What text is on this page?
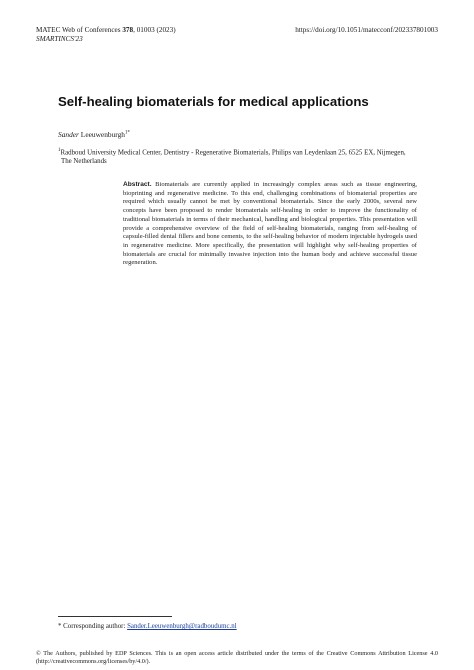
MATEC Web of Conferences 378, 01003 (2023)
SMARTINCS'23
https://doi.org/10.1051/matecconf/202337801003
Self-healing biomaterials for medical applications
Sander Leeuwenburgh$^{1*}$
$^1$Radboud University Medical Center, Dentistry - Regenerative Biomaterials, Philips van Leydenlaan 25, 6525 EX, Nijmegen,
The Netherlands
Abstract. Biomaterials are currently applied in increasingly complex areas such as tissue engineering, bioprinting and regenerative medicine. To this end, challenging combinations of biomaterial properties are required which usually cannot be met by conventional biomaterials. Since the early 2000s, several new concepts have been proposed to render biomaterials self-healing in order to improve the functionality of traditional biomaterials in terms of their mechanical, handling and biological properties. This presentation will provide a comprehensive overview of the field of self-healing biomaterials, ranging from self-healing of capsule-filled dental fillers and bone cements, to the self-healing behavior of modern injectable hydrogels used in regenerative medicine. More specifically, the presentation will highlight why self-healing properties of biomaterials are crucial for minimally invasive injection into the human body and achieve successful tissue regeneration.
* Corresponding author: Sander.Leeuwenburgh@radboudumc.nl
© The Authors, published by EDP Sciences. This is an open access article distributed under the terms of the Creative Commons Attribution License 4.0 (http://creativecommons.org/licenses/by/4.0/).
